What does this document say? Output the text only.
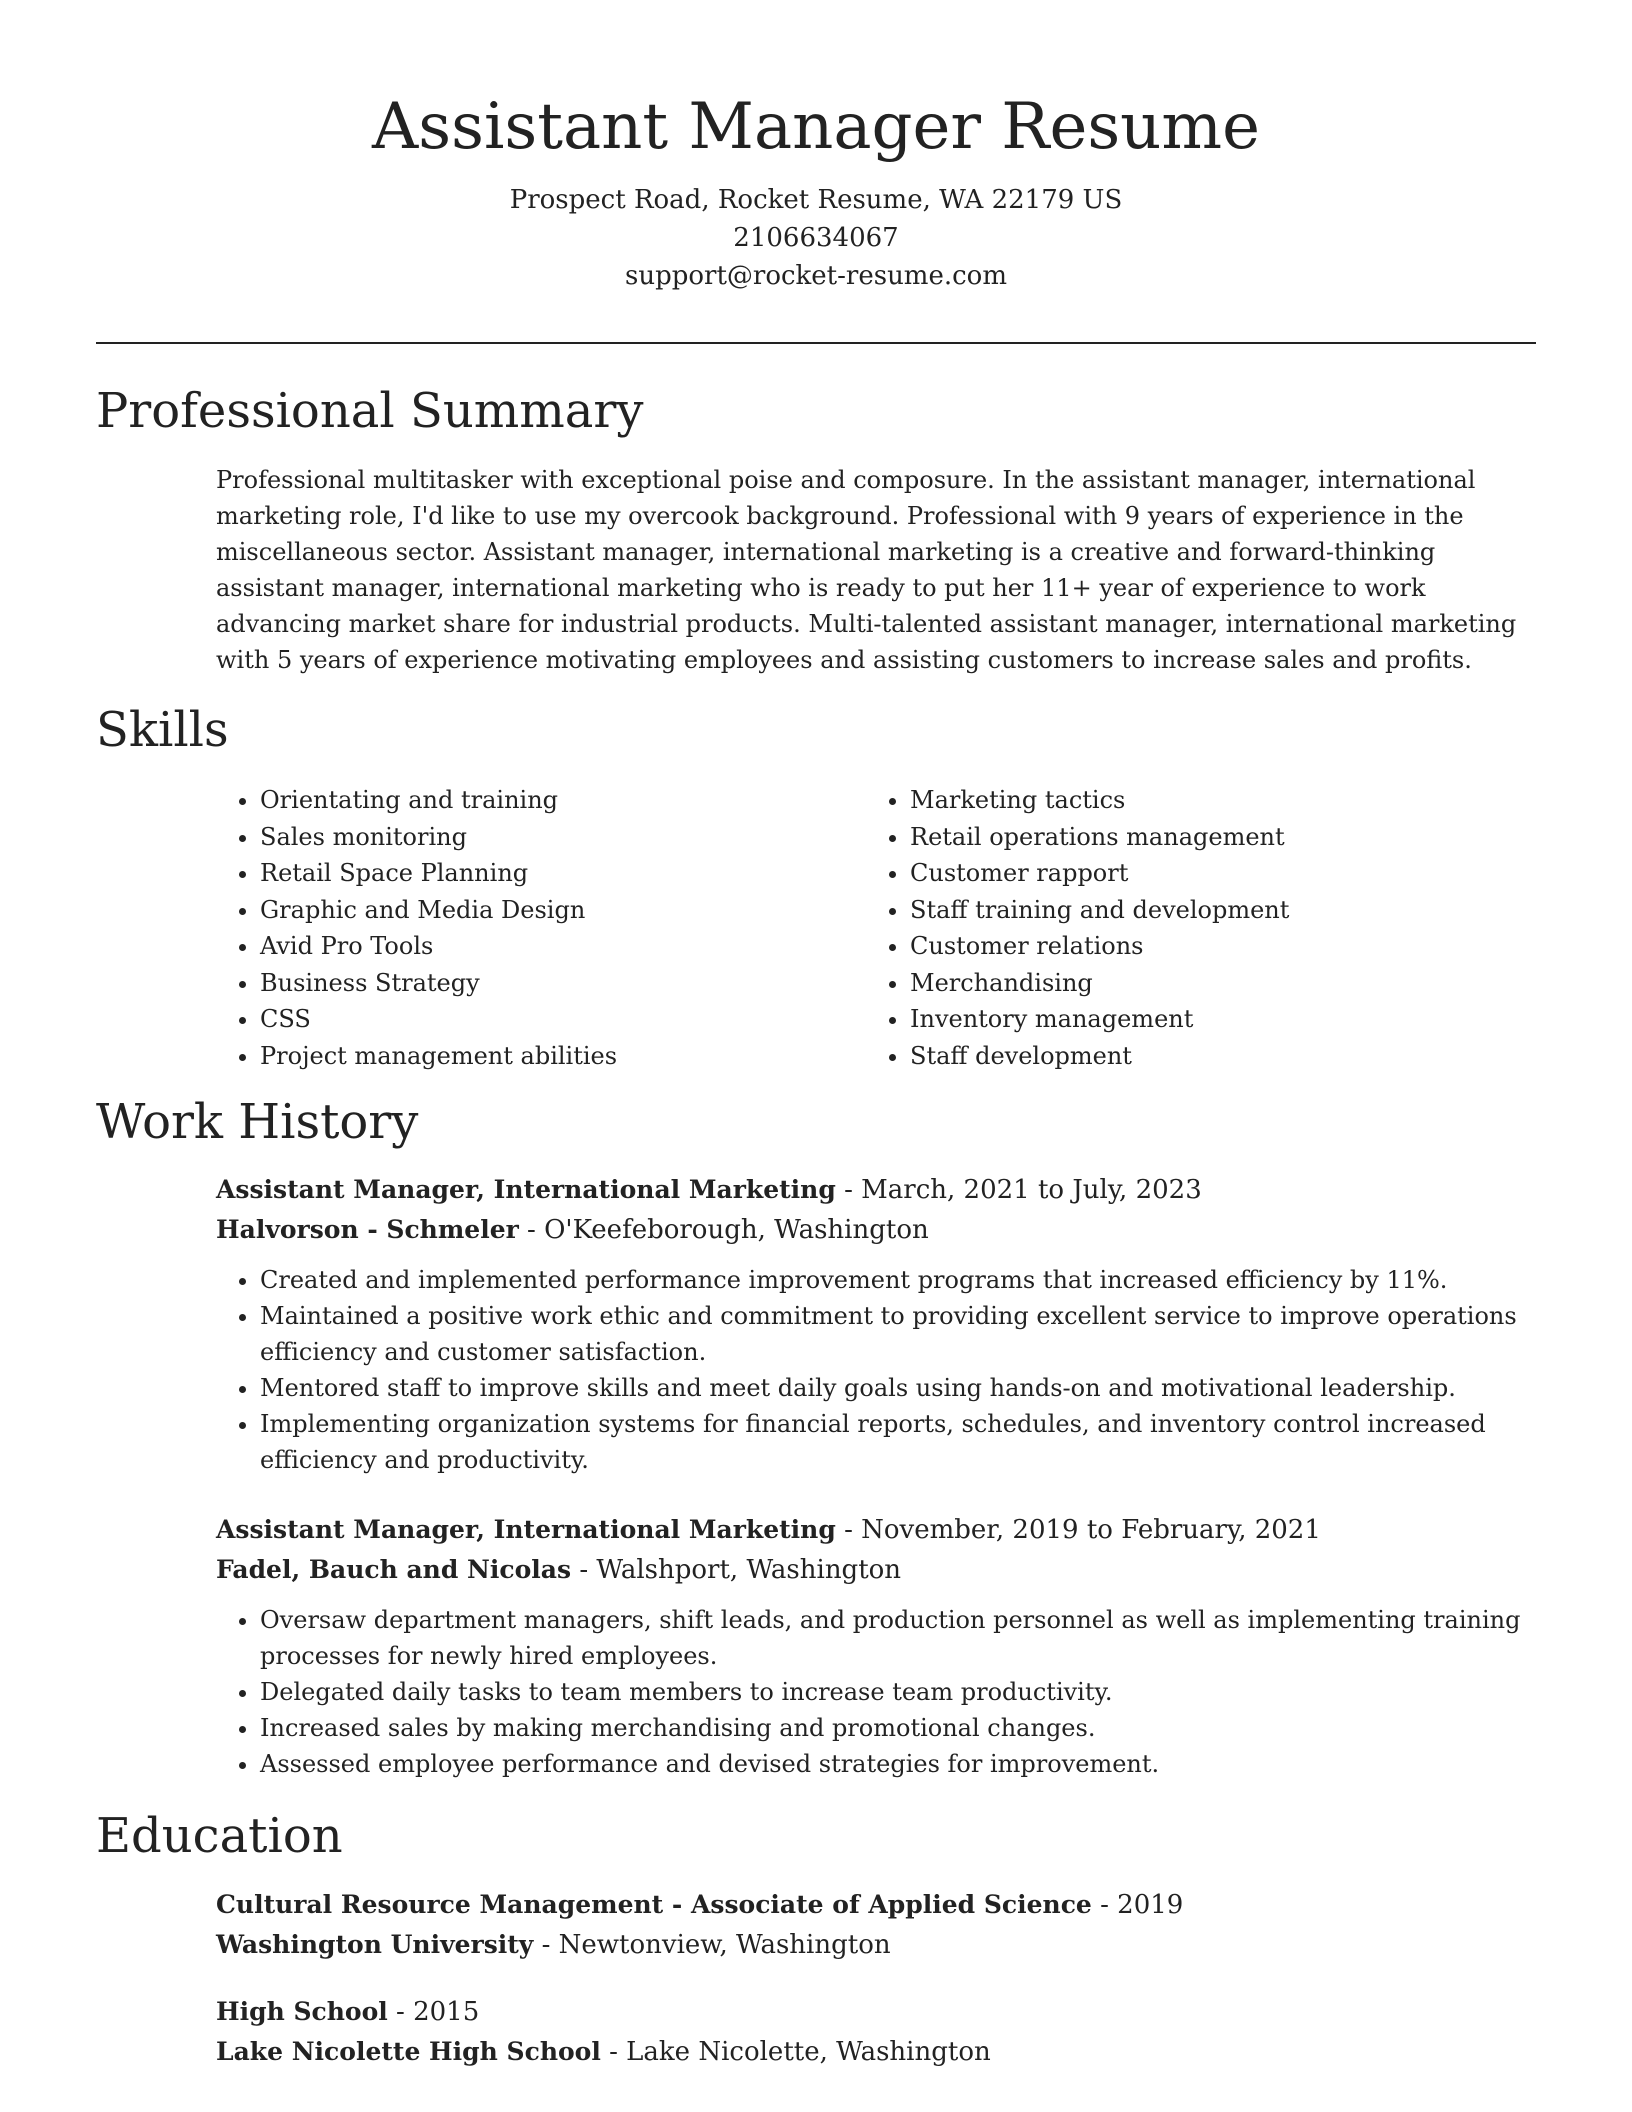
Assistant Manager Resume

Prospect Road, Rocket Resume, WA 22179 US

2106634067

support@rocket-resume.com

Professional Summary

Professional multitasker with exceptional poise and composure. In the assistant manager, international marketing role, I'd like to use my overcook background. Professional with 9 years of experience in the miscellaneous sector. Assistant manager, international marketing is a creative and forward-thinking assistant manager, international marketing who is ready to put her 11+ year of experience to work advancing market share for industrial products. Multi-talented assistant manager, international marketing with 5 years of experience motivating employees and assisting customers to increase sales and profits.

Skills
• Orientating and training
• Sales monitoring
• Retail Space Planning
• Graphic and Media Design
• Avid Pro Tools
• Business Strategy
• CSS
• Project management abilities
• Marketing tactics
• Retail operations management
• Customer rapport
• Staff training and development
• Customer relations
• Merchandising
• Inventory management
• Staff development
Work History

Assistant Manager, International Marketing - March, 2021 to July, 2023

Halvorson - Schmeler - O'Keefeborough, Washington

• Created and implemented performance improvement programs that increased efficiency by 11%.
• Maintained a positive work ethic and commitment to providing excellent service to improve operations efficiency and customer satisfaction.
• Mentored staff to improve skills and meet daily goals using hands-on and motivational leadership.
• Implementing organization systems for financial reports, schedules, and inventory control increased efficiency and productivity.

Assistant Manager, International Marketing - November, 2019 to February, 2021

Fadel, Bauch and Nicolas - Walshport, Washington

• Oversaw department managers, shift leads, and production personnel as well as implementing training processes for newly hired employees.
• Delegated daily tasks to team members to increase team productivity.
• Increased sales by making merchandising and promotional changes.
• Assessed employee performance and devised strategies for improvement.
Education

Cultural Resource Management - Associate of Applied Science - 2019

Washington University - Newtonview, Washington

High School - 2015

Lake Nicolette High School - Lake Nicolette, Washington
